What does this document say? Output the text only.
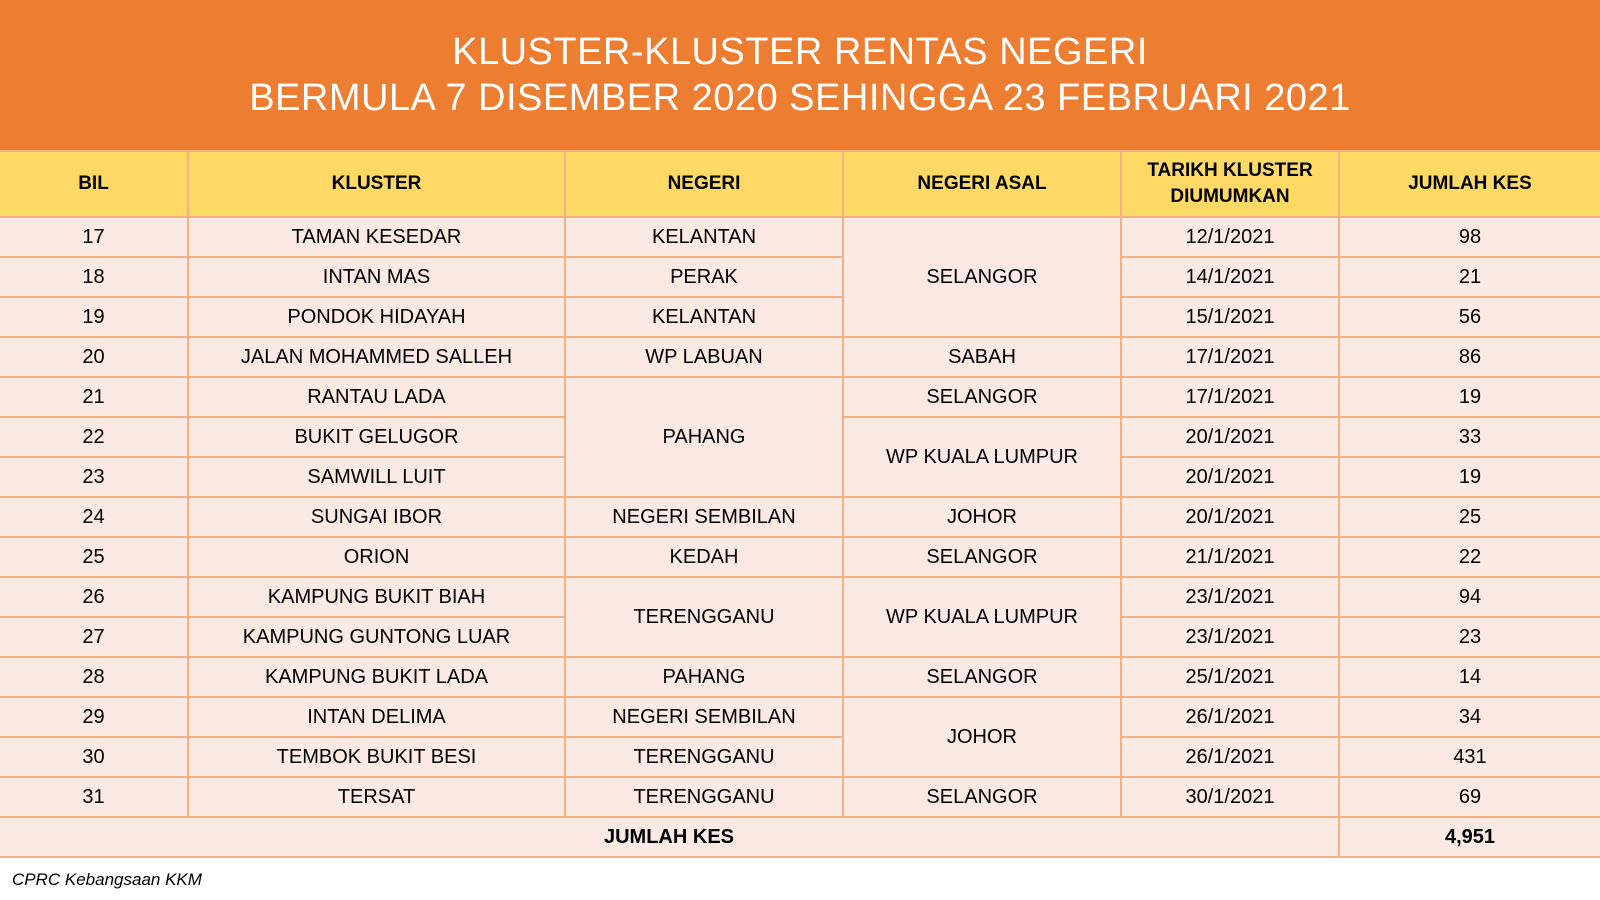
KLUSTER-KLUSTER RENTAS NEGERI
BERMULA 7 DISEMBER 2020 SEHINGGA 23 FEBRUARI 2021
BIL	KLUSTER	NEGERI	NEGERI ASAL	TARIKH KLUSTER DIUMUMKAN	JUMLAH KES
17	TAMAN KESEDAR	KELANTAN	SELANGOR	12/1/2021	98
18	INTAN MAS	PERAK		14/1/2021	21
19	PONDOK HIDAYAH	KELANTAN		15/1/2021	56
20	JALAN MOHAMMED SALLEH	WP LABUAN	SABAH	17/1/2021	86
21	RANTAU LADA	PAHANG	SELANGOR	17/1/2021	19
22	BUKIT GELUGOR		WP KUALA LUMPUR	20/1/2021	33
23	SAMWILL LUIT			20/1/2021	19
24	SUNGAI IBOR	NEGERI SEMBILAN	JOHOR	20/1/2021	25
25	ORION	KEDAH	SELANGOR	21/1/2021	22
26	KAMPUNG BUKIT BIAH	TERENGGANU	WP KUALA LUMPUR	23/1/2021	94
27	KAMPUNG GUNTONG LUAR			23/1/2021	23
28	KAMPUNG BUKIT LADA	PAHANG	SELANGOR	25/1/2021	14
29	INTAN DELIMA	NEGERI SEMBILAN	JOHOR	26/1/2021	34
30	TEMBOK BUKIT BESI	TERENGGANU		26/1/2021	431
31	TERSAT	TERENGGANU	SELANGOR	30/1/2021	69
JUMLAH KES					4,951
CPRC Kebangsaan KKM
